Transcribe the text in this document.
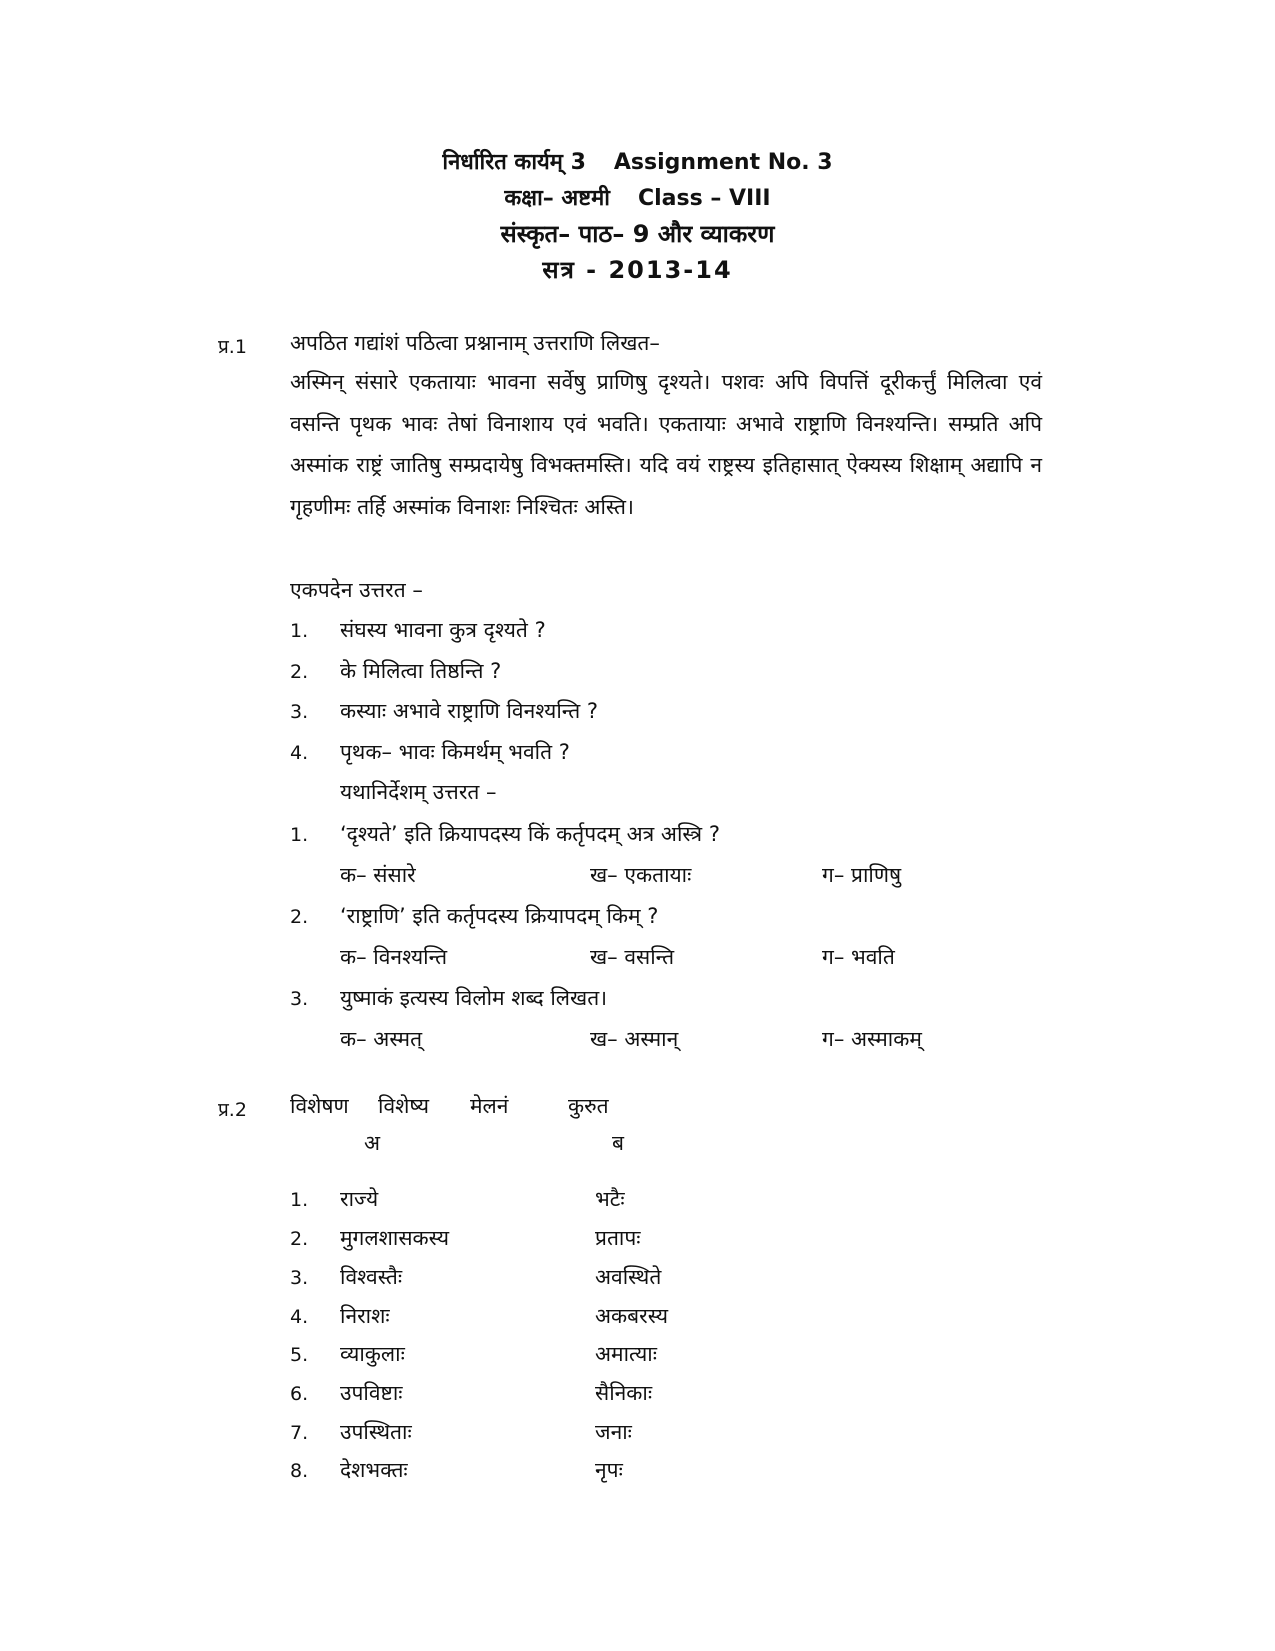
निर्धारित कार्यम् 3 Assignment No. 3
कक्षा– अष्टमी Class – VIII
संस्कृत– पाठ– 9 और व्याकरण
सत्र - 2013-14
प्र.1 अपठित गद्यांशं पठित्वा प्रश्नानाम् उत्तराणि लिखत–
अस्मिन् संसारे एकतायाः भावना सर्वेषु प्राणिषु दृश्यते। पशवः अपि विपत्तिं दूरीकर्त्तुं मिलित्वा एवं वसन्ति पृथक भावः तेषां विनाशाय एवं भवति। एकतायाः अभावे राष्ट्राणि विनश्यन्ति। सम्प्रति अपि अस्मांक राष्ट्रं जातिषु सम्प्रदायेषु विभक्तमस्ति। यदि वयं राष्ट्रस्य इतिहासात् ऐक्यस्य शिक्षाम् अद्यापि न गृहणीमः तर्हि अस्मांक विनाशः निश्चितः अस्ति।
एकपदेन उत्तरत –
1. संघस्य भावना कुत्र दृश्यते ?
2. के मिलित्वा तिष्ठन्ति ?
3. कस्याः अभावे राष्ट्राणि विनश्यन्ति ?
4. पृथक– भावः किमर्थम् भवति ?
यथानिर्देशम् उत्तरत –
1. ‘दृश्यते’ इति क्रियापदस्य किं कर्तृपदम् अत्र अस्त्रि ?
क– संसारे	ख– एकतायाः	ग– प्राणिषु
2. ‘राष्ट्राणि’ इति कर्तृपदस्य क्रियापदम् किम् ?
क– विनश्यन्ति	ख– वसन्ति	ग– भवति
3. युष्माकं इत्यस्य विलोम शब्द लिखत।
क– अस्मत्	ख– अस्मान्	ग– अस्माकम्
प्र.2 विशेषण विशेष्य मेलनं	कुरुत
अ	ब
1. राज्ये	भटैः
2. मुगलशासकस्य	प्रतापः
3. विश्वस्तैः	अवस्थिते
4. निराशः	अकबरस्य
5. व्याकुलाः	अमात्याः
6. उपविष्टाः	सैनिकाः
7. उपस्थिताः	जनाः
8. देशभक्तः	नृपः
